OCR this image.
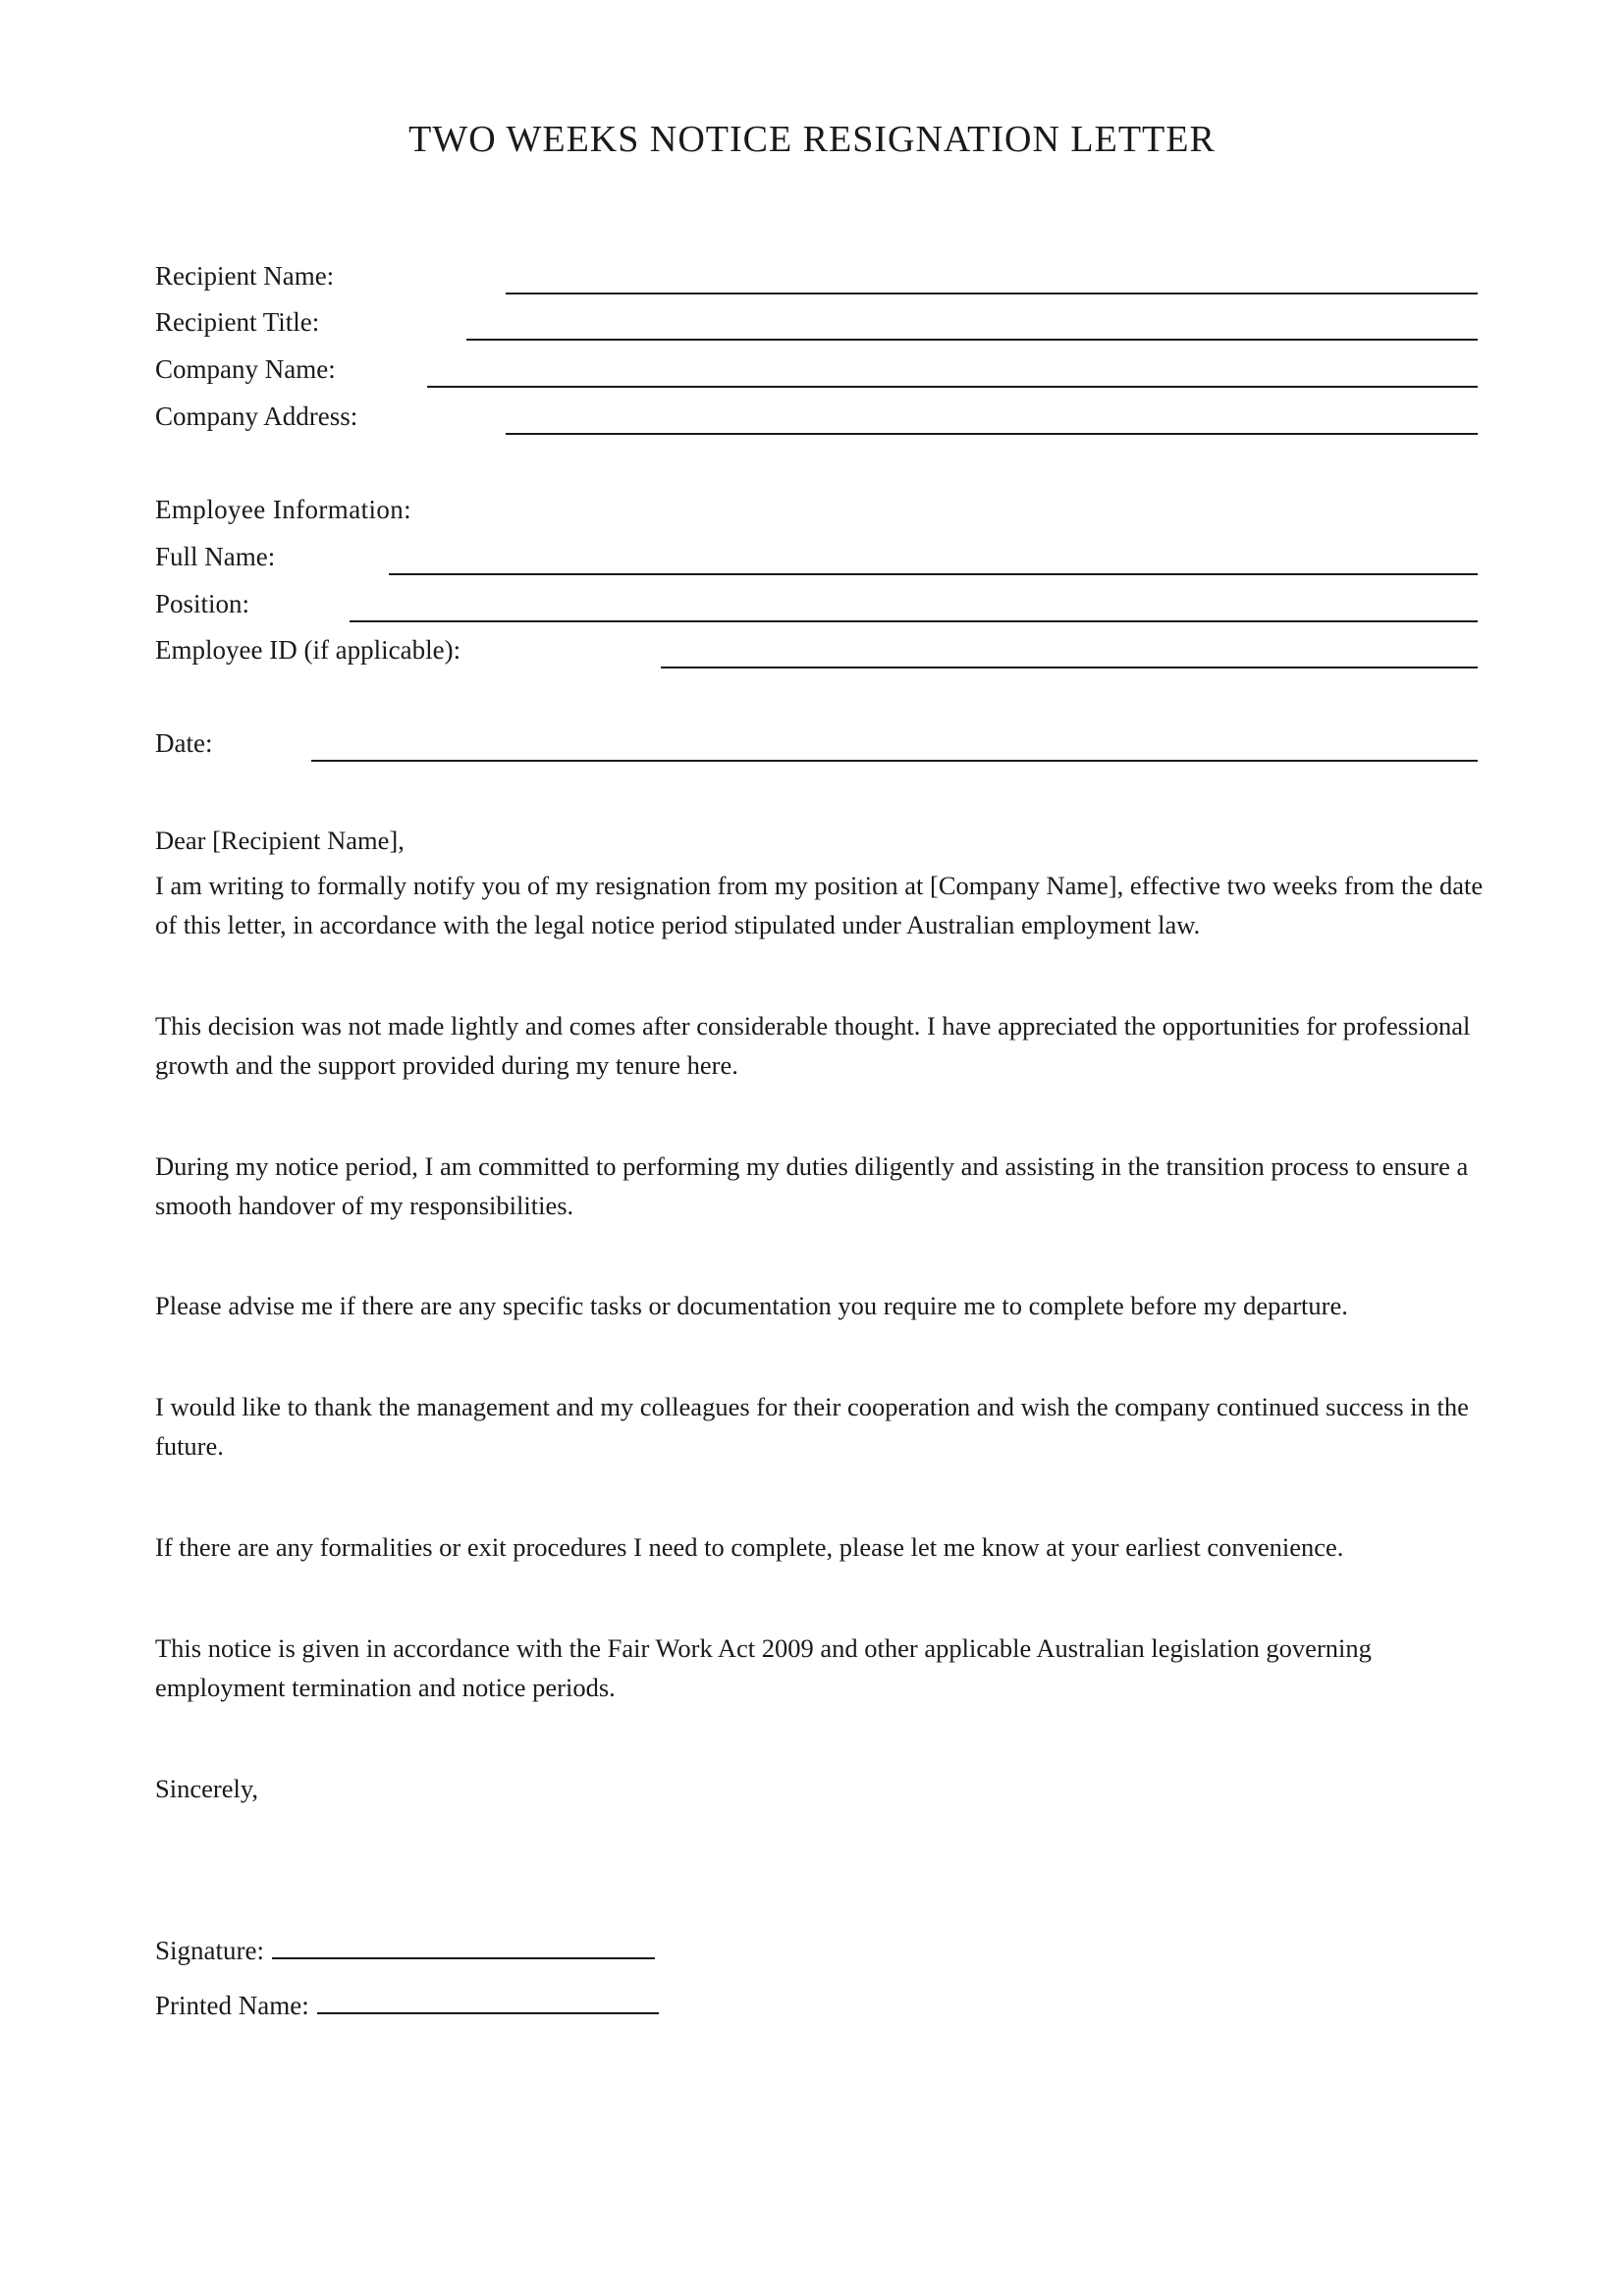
TWO WEEKS NOTICE RESIGNATION LETTER
Recipient Name:
Recipient Title:
Company Name:
Company Address:
Employee Information:
Full Name:
Position:
Employee ID (if applicable):
Date:

Dear [Recipient Name],

I am writing to formally notify you of my resignation from my position at [Company Name], effective two weeks from the date of this letter, in accordance with the legal notice period stipulated under Australian employment law.

This decision was not made lightly and comes after considerable thought. I have appreciated the opportunities for professional growth and the support provided during my tenure here.

During my notice period, I am committed to performing my duties diligently and assisting in the transition process to ensure a smooth handover of my responsibilities.

Please advise me if there are any specific tasks or documentation you require me to complete before my departure.

I would like to thank the management and my colleagues for their cooperation and wish the company continued success in the future.

If there are any formalities or exit procedures I need to complete, please let me know at your earliest convenience.

This notice is given in accordance with the Fair Work Act 2009 and other applicable Australian legislation governing employment termination and notice periods.

Sincerely,

Signature:
Printed Name:
